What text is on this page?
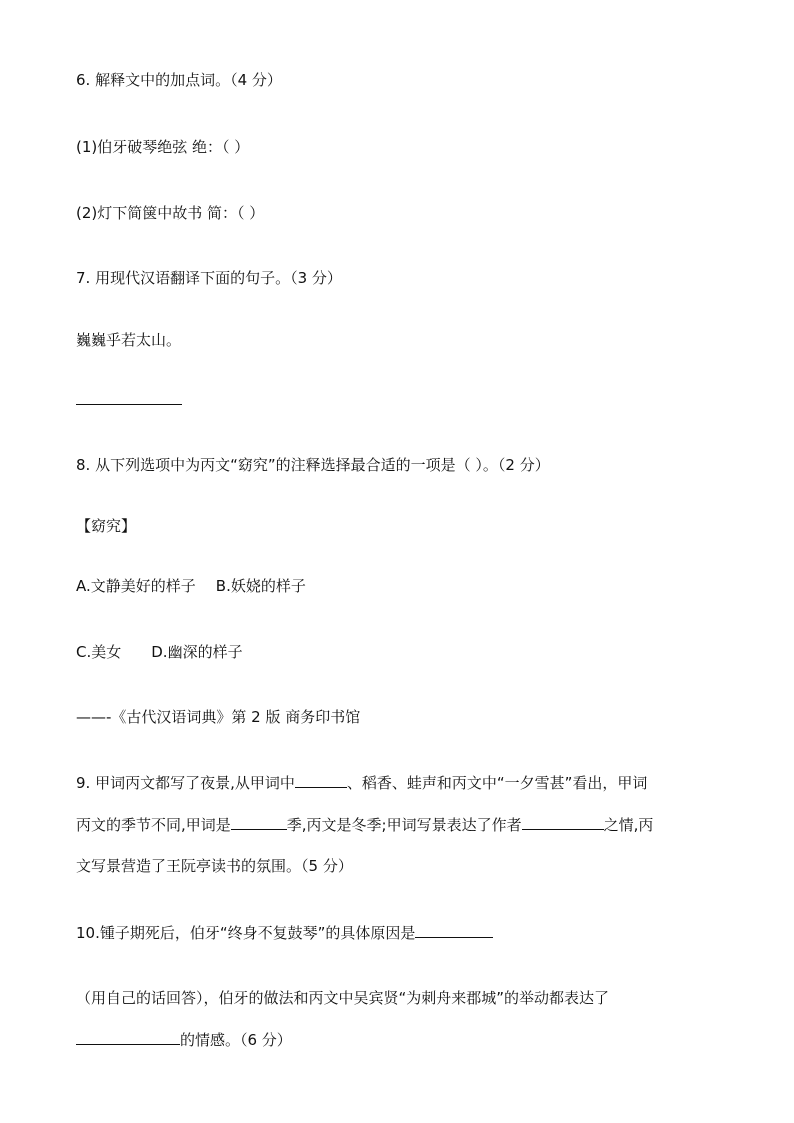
6. 解释文中的加点词。（4 分）
(1)伯牙破琴绝弦 绝：（ ）
(2)灯下简箧中故书 简：（ ）
7. 用现代汉语翻译下面的句子。（3 分）
巍巍乎若太山。
8. 从下列选项中为丙文“窈究”的注释选择最合适的一项是（ ）。（2 分）
【窈究】
A.文静美好的样子 B.妖娆的样子
C.美女 D.幽深的样子
——-《古代汉语词典》第 2 版 商务印书馆
9. 甲词丙文都写了夜景,从甲词中	、稻香、蛙声和丙文中“一夕雪甚”看出，甲词
丙文的季节不同,甲词是	季,丙文是冬季;甲词写景表达了作者	之情,丙
文写景营造了王阮亭读书的氛围。（5 分）
10.锺子期死后，伯牙“终身不复鼓琴”的具体原因是
（用自己的话回答），伯牙的做法和丙文中吴宾贤“为刺舟来郡城”的举动都表达了
的情感。（6 分）
